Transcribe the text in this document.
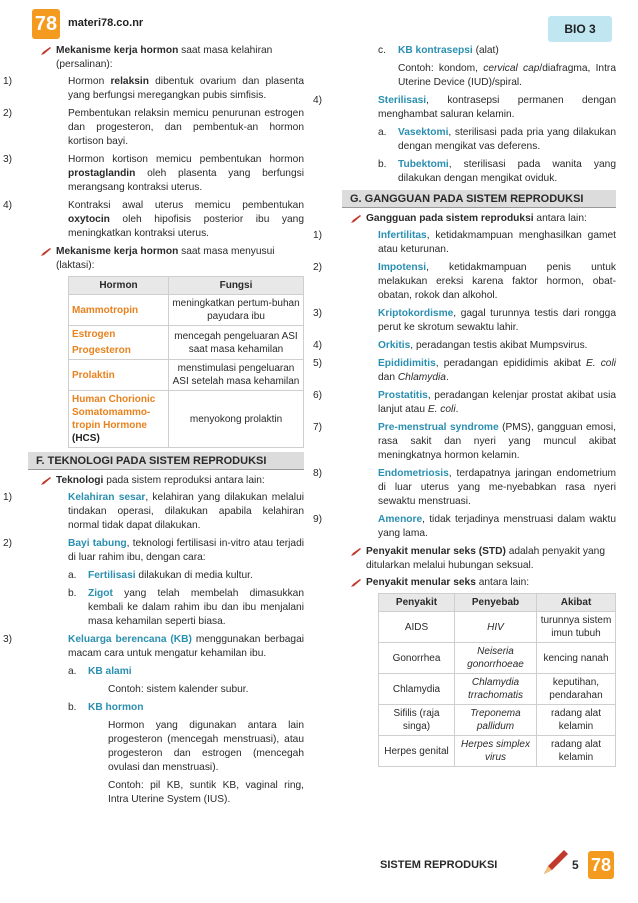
78 materi78.co.nr	BIO 3
Mekanisme kerja hormon saat masa kelahiran (persalinan):
1)	Hormon relaksin dibentuk ovarium dan plasenta yang berfungsi meregangkan pubis simfisis.
2)	Pembentukan relaksin memicu penurunan estrogen dan progesteron, dan pembentuk-an hormon kortison bayi.
3)	Hormon kortison memicu pembentukan hormon prostaglandin oleh plasenta yang berfungsi merangsang kontraksi uterus.
4)	Kontraksi awal uterus memicu pembentukan oxytocin oleh hipofisis posterior ibu yang meningkatkan kontraksi uterus.
Mekanisme kerja hormon saat masa menyusui (laktasi):
Hormon	Fungsi
Mammotropin	meningkatkan pertum-buhan payudara ibu

Estrogen
Progesteron	mencegah pengeluaran ASI saat masa kehamilan
Prolaktin	menstimulasi pengeluaran ASI setelah masa kehamilan
Human Chorionic Somatomammo-tropin Hormone (HCS)	menyokong prolaktin
F. TEKNOLOGI PADA SISTEM REPRODUKSI
Teknologi pada sistem reproduksi antara lain:
1)	Kelahiran sesar, kelahiran yang dilakukan melalui tindakan operasi, dilakukan apabila kelahiran normal tidak dapat dilakukan.
2)	Bayi tabung, teknologi fertilisasi in-vitro atau terjadi di luar rahim ibu, dengan cara:
a. Fertilisasi dilakukan di media kultur.
b. Zigot yang telah membelah dimasukkan kembali ke dalam rahim ibu dan ibu menjalani masa kehamilan seperti biasa.
3)	Keluarga berencana (KB) menggunakan berbagai macam cara untuk mengatur kehamilan ibu.
a. KB alami
Contoh: sistem kalender subur.
b. KB hormon
Hormon yang digunakan antara lain progesteron (mencegah menstruasi), atau progesteron dan estrogen (mencegah ovulasi dan menstruasi).
Contoh: pil KB, suntik KB, vaginal ring, Intra Uterine System (IUS).
c. KB kontrasepsi (alat)
Contoh: kondom, cervical cap/diafragma, Intra Uterine Device (IUD)/spiral.
4)	Sterilisasi, kontrasepsi permanen dengan menghambat saluran kelamin.
a. Vasektomi, sterilisasi pada pria yang dilakukan dengan mengikat vas deferens.
b. Tubektomi, sterilisasi pada wanita yang dilakukan dengan mengikat oviduk.
G. GANGGUAN PADA SISTEM REPRODUKSI
Gangguan pada sistem reproduksi antara lain:
1)	Infertilitas, ketidakmampuan menghasilkan gamet atau keturunan.
2)	Impotensi, ketidakmampuan penis untuk melakukan ereksi karena faktor hormon, obat-obatan, rokok dan alkohol.
3)	Kriptokordisme, gagal turunnya testis dari rongga perut ke skrotum sewaktu lahir.
4)	Orkitis, peradangan testis akibat Mumpsvirus.
5)	Epididimitis, peradangan epididimis akibat E. coli dan Chlamydia.
6)	Prostatitis, peradangan kelenjar prostat akibat usia lanjut atau E. coli.
7)	Pre-menstrual syndrome (PMS), gangguan emosi, rasa sakit dan nyeri yang muncul akibat meningkatnya hormon kelamin.
8)	Endometriosis, terdapatnya jaringan endometrium di luar uterus yang me-nyebabkan rasa nyeri sewaktu menstruasi.
9)	Amenore, tidak terjadinya menstruasi dalam waktu yang lama.
Penyakit menular seks (STD) adalah penyakit yang ditularkan melalui hubungan seksual.
Penyakit menular seks antara lain:
Penyakit	Penyebab	Akibat
AIDS	HIV	turunnya sistem imun tubuh
Gonorrhea	Neiseria gonorrhoeae	kencing nanah
Chlamydia	Chlamydia trrachomatis	keputihan, pendarahan
Sifilis (raja singa)	Treponema pallidum	radang alat kelamin
Herpes genital	Herpes simplex virus	radang alat kelamin
SISTEM REPRODUKSI	5 78
